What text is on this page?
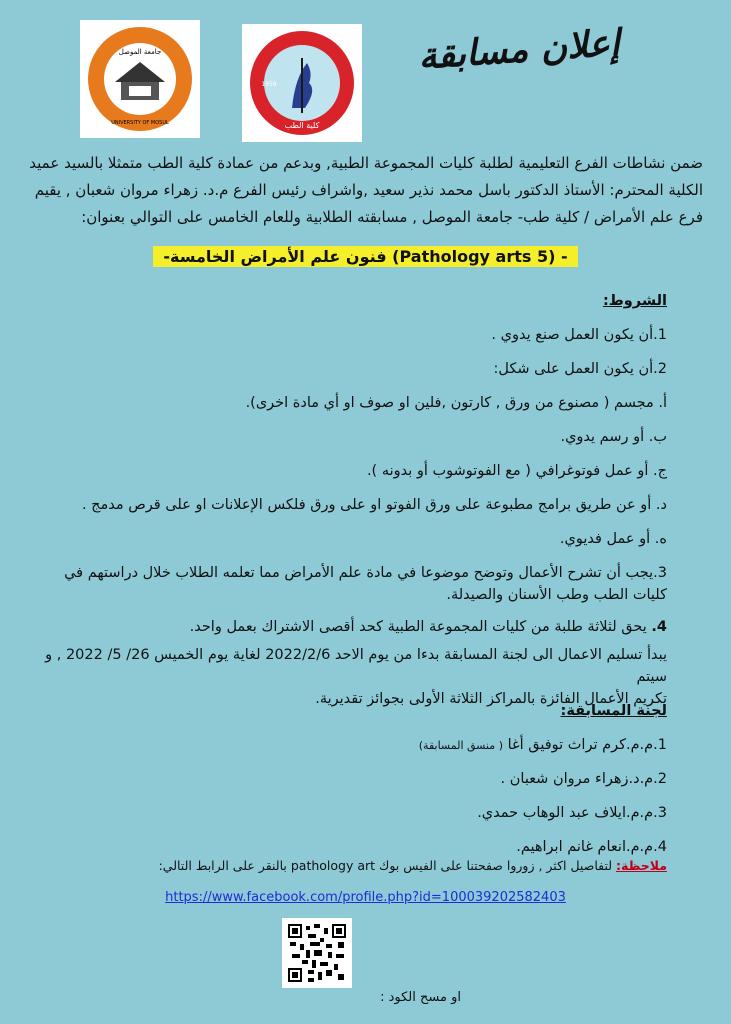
جامعة الموصل
UNIVERSITY OF MOSUL	كلية الطب
1959
إعلان مسابقة
ضمن نشاطات الفرع التعليمية لطلبة كليات المجموعة الطبية, وبدعم من عمادة كلية الطب متمثلا بالسيد عميد
الكلية المحترم: الأستاذ الدكتور باسل محمد نذير سعيد ,واشراف رئيس الفرع م.د. زهراء مروان شعبان , يقيم
فرع علم الأمراض / كلية طب- جامعة الموصل , مسابقته الطلابية وللعام الخامس على التوالي بعنوان:
- (Pathology arts 5) فنون علم الأمراض الخامسة-
الشروط:
1.أن يكون العمل صنع يدوي .
2.أن يكون العمل على شكل:
أ. مجسم ( مصنوع من ورق , كارتون ,فلين او صوف او أي مادة اخرى).
ب. أو رسم يدوي.
ج. أو عمل فوتوغرافي ( مع الفوتوشوب أو بدونه ).
د. أو عن طريق برامج مطبوعة على ورق الفوتو او على ورق فلكس الإعلانات او على قرص مدمج .
ه. أو عمل فديوي.
3.يجب أن تشرح الأعمال وتوضح موضوعا في مادة علم الأمراض مما تعلمه الطلاب خلال دراستهم في
كليات الطب وطب الأسنان والصيدلة.
4. يحق لثلاثة طلبة من كليات المجموعة الطبية كحد أقصى الاشتراك بعمل واحد.
يبدأ تسليم الاعمال الى لجنة المسابقة بدءا من يوم الاحد 2022/2/6 لغاية يوم الخميس 26/ 5/ 2022 , و سيتم
تكريم الأعمال الفائزة بالمراكز الثلاثة الأولى بجوائز تقديرية.
لجنة المسابقة:
1.م.م.كرم تراث توفيق أغا ( منسق المسابقة)
2.م.د.زهراء مروان شعبان .
3.م.م.ايلاف عبد الوهاب حمدي.
4.م.م.انعام غانم ابراهيم.
ملاحظة: لتفاصيل اكثر , زوروا صفحتنا على الفيس بوك pathology art بالنقر على الرابط التالي:
https://www.facebook.com/profile.php?id=100039202582403
او مسح الكود :
